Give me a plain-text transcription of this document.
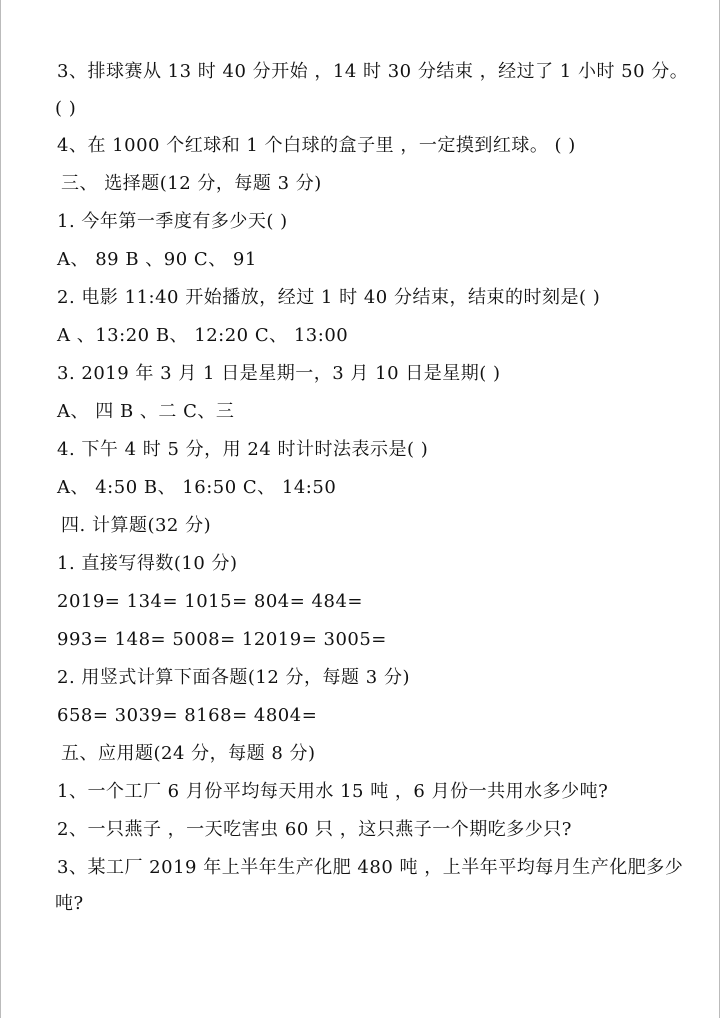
3、排球赛从 13 时 40 分开始 ，14 时 30 分结束 ，经过了 1 小时 50 分。
( )
4、在 1000 个红球和 1 个白球的盒子里 ，一定摸到红球。 ( )
三、 选择题(12 分，每题 3 分)
1. 今年第一季度有多少天( )
A、 89 B 、90 C、 91
2. 电影 11:40 开始播放，经过 1 时 40 分结束，结束的时刻是( )
A 、13:20 B、 12:20 C、 13:00
3. 2019 年 3 月 1 日是星期一，3 月 10 日是星期( )
A、 四 B 、二 C、三
4. 下午 4 时 5 分，用 24 时计时法表示是( )
A、 4:50 B、 16:50 C、 14:50
四. 计算题(32 分)
1. 直接写得数(10 分)
2019= 134= 1015= 804= 484=
993= 148= 5008= 12019= 3005=
2. 用竖式计算下面各题(12 分，每题 3 分)
658= 3039= 8168= 4804=
五、应用题(24 分，每题 8 分)
1、一个工厂 6 月份平均每天用水 15 吨 ，6 月份一共用水多少吨?
2、一只燕子 ，一天吃害虫 60 只 ，这只燕子一个期吃多少只?
3、某工厂 2019 年上半年生产化肥 480 吨 ，上半年平均每月生产化肥多少
吨?
